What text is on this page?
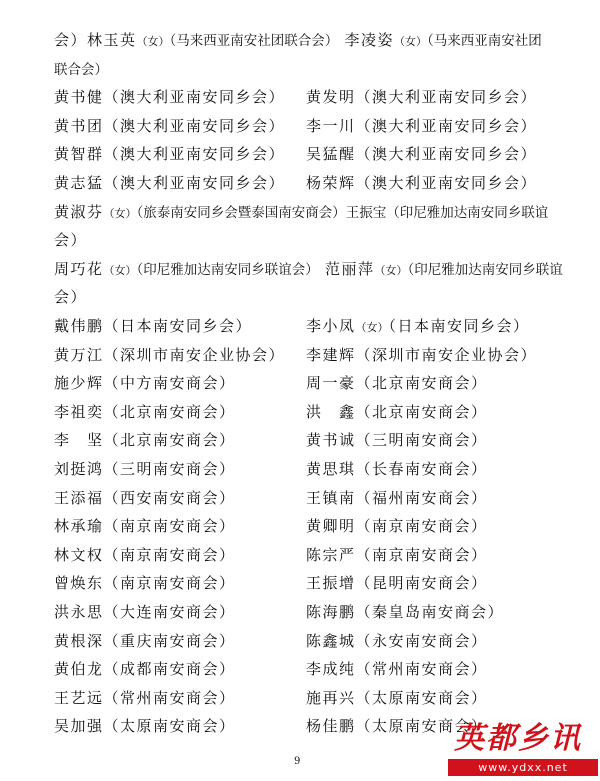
会）林玉英（女）（马来西亚南安社团联合会） 李凌姿（女）（马来西亚南安社团
联合会）
黄书健（澳大利亚南安同乡会） 黄发明（澳大利亚南安同乡会）
黄书团（澳大利亚南安同乡会） 李一川（澳大利亚南安同乡会）
黄智群（澳大利亚南安同乡会） 吴猛醒（澳大利亚南安同乡会）
黄志猛（澳大利亚南安同乡会） 杨荣辉（澳大利亚南安同乡会）
黄淑芬（女）（旅泰南安同乡会暨泰国南安商会）王振宝（印尼雅加达南安同乡联谊
会）
周巧花（女）（印尼雅加达南安同乡联谊会） 范丽萍（女）（印尼雅加达南安同乡联谊
会）
戴伟鹏（日本南安同乡会）	李小凤（女）（日本南安同乡会）
黄万江（深圳市南安企业协会） 李建辉（深圳市南安企业协会）
施少辉（中方南安商会）	周一豪（北京南安商会）
李祖奕（北京南安商会）	洪　鑫（北京南安商会）
李　坚（北京南安商会）	黄书诚（三明南安商会）
刘挺鸿（三明南安商会）	黄思琪（长春南安商会）
王添福（西安南安商会）	王镇南（福州南安商会）
林承瑜（南京南安商会）	黄卿明（南京南安商会）
林文权（南京南安商会）	陈宗严（南京南安商会）
曾焕东（南京南安商会）	王振增（昆明南安商会）
洪永思（大连南安商会）	陈海鹏（秦皇岛南安商会）
黄根深（重庆南安商会）	陈鑫城（永安南安商会）
黄伯龙（成都南安商会）	李成纯（常州南安商会）
王艺远（常州南安商会）	施再兴（太原南安商会）
吴加强（太原南安商会）	杨佳鹏（太原南安商会）
9
英都乡讯
www.ydxx.net
